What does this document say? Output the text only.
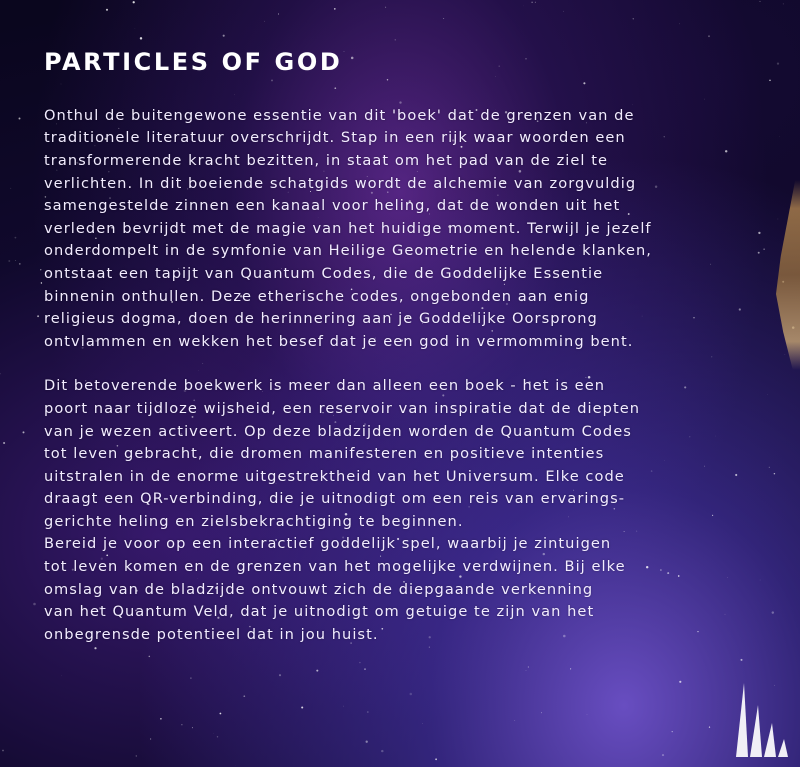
PARTICLES OF GOD

Onthul de buitengewone essentie van dit 'boek' dat de grenzen van de
traditionele literatuur overschrijdt. Stap in een rijk waar woorden een
transformerende kracht bezitten, in staat om het pad van de ziel te
verlichten. In dit boeiende schatgids wordt de alchemie van zorgvuldig
samengestelde zinnen een kanaal voor heling, dat de wonden uit het
verleden bevrijdt met de magie van het huidige moment. Terwijl je jezelf
onderdompelt in de symfonie van Heilige Geometrie en helende klanken,
ontstaat een tapijt van Quantum Codes, die de Goddelijke Essentie
binnenin onthullen. Deze etherische codes, ongebonden aan enig
religieus dogma, doen de herinnering aan je Goddelijke Oorsprong
ontvlammen en wekken het besef dat je een god in vermomming bent.

Dit betoverende boekwerk is meer dan alleen een boek - het is een
poort naar tijdloze wijsheid, een reservoir van inspiratie dat de diepten
van je wezen activeert. Op deze bladzijden worden de Quantum Codes
tot leven gebracht, die dromen manifesteren en positieve intenties
uitstralen in de enorme uitgestrektheid van het Universum. Elke code
draagt een QR-verbinding, die je uitnodigt om een reis van ervarings-
gerichte heling en zielsbekrachtiging te beginnen.
Bereid je voor op een interactief goddelijk spel, waarbij je zintuigen
tot leven komen en de grenzen van het mogelijke verdwijnen. Bij elke
omslag van de bladzijde ontvouwt zich de diepgaande verkenning
van het Quantum Veld, dat je uitnodigt om getuige te zijn van het
onbegrensde potentieel dat in jou huist.
